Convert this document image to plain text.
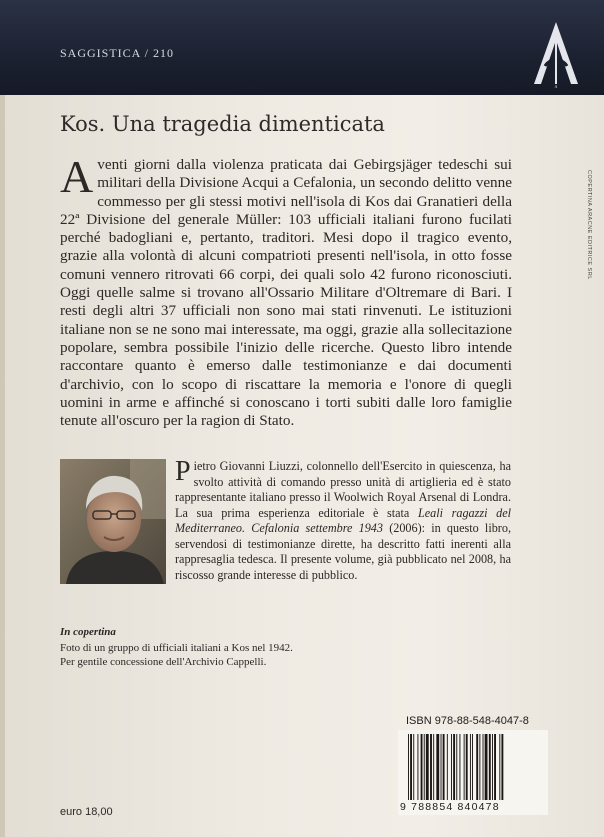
SAGGISTICA / 210
A
Kos. Una tragedia dimenticata

A venti giorni dalla violenza praticata dai Gebirgsjäger tedeschi sui militari della Divisione Acqui a Cefalonia, un secondo delitto venne commesso per gli stessi motivi nell'isola di Kos dai Granatieri della 22ª Divisione del generale Müller: 103 ufficiali italiani furono fucilati perché badogliani e, pertanto, traditori. Mesi dopo il tragico evento, grazie alla volontà di alcuni compatrioti presenti nell'isola, in otto fosse comuni vennero ritrovati 66 corpi, dei quali solo 42 furono riconosciuti. Oggi quelle salme si trovano all'Ossario Militare d'Oltremare di Bari. I resti degli altri 37 ufficiali non sono mai stati rinvenuti. Le istituzioni italiane non se ne sono mai interessate, ma oggi, grazie alla sollecitazione popolare, sembra possibile l'inizio delle ricerche. Questo libro intende raccontare quanto è emerso dalle testimonianze e dai documenti d'archivio, con lo scopo di riscattare la memoria e l'onore di quegli uomini in arme e affinché si conoscano i torti subiti dalle loro famiglie tenute all'oscuro per la ragion di Stato.

COPERTINA ARACNE EDITRICE SRL

Pietro Giovanni Liuzzi, colonnello dell'Esercito in quiescenza, ha svolto attività di comando presso unità di artiglieria ed è stato rappresentante italiano presso il Woolwich Royal Arsenal di Londra. La sua prima esperienza editoriale è stata Leali ragazzi del Mediterraneo. Cefalonia settembre 1943 (2006): in questo libro, servendosi di testimonianze dirette, ha descritto fatti inerenti alla rappresaglia tedesca. Il presente volume, già pubblicato nel 2008, ha riscosso grande interesse di pubblico.

In copertina
Foto di un gruppo di ufficiali italiani a Kos nel 1942.
Per gentile concessione dell'Archivio Cappelli.
ISBN 978-88-548-4047-8
9 788854 840478
euro 18,00
